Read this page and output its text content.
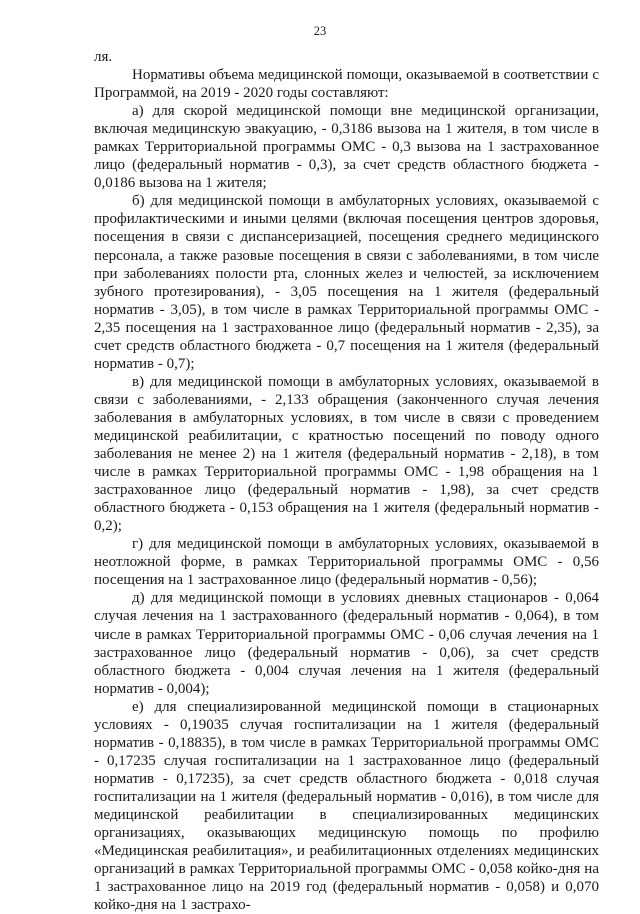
23

ля.

Нормативы объема медицинской помощи, оказываемой в соответствии с Программой, на 2019 - 2020 годы составляют:

а) для скорой медицинской помощи вне медицинской организации, включая медицинскую эвакуацию, - 0,3186 вызова на 1 жителя, в том числе в рамках Территориальной программы ОМС - 0,3 вызова на 1 застрахованное лицо (федеральный норматив - 0,3), за счет средств областного бюджета - 0,0186 вызова на 1 жителя;

б) для медицинской помощи в амбулаторных условиях, оказываемой с профилактическими и иными целями (включая посещения центров здоровья, посещения в связи с диспансеризацией, посещения среднего медицинского персонала, а также разовые посещения в связи с заболеваниями, в том числе при заболеваниях полости рта, слонных желез и челюстей, за исключением зубного протезирования), - 3,05 посещения на 1 жителя (федеральный норматив - 3,05), в том числе в рамках Территориальной программы ОМС - 2,35 посещения на 1 застрахованное лицо (федеральный норматив - 2,35), за счет средств областного бюджета - 0,7 посещения на 1 жителя (федеральный норматив - 0,7);

в) для медицинской помощи в амбулаторных условиях, оказываемой в связи с заболеваниями, - 2,133 обращения (законченного случая лечения заболевания в амбулаторных условиях, в том числе в связи с проведением медицинской реабилитации, с кратностью посещений по поводу одного заболевания не менее 2) на 1 жителя (федеральный норматив - 2,18), в том числе в рамках Территориальной программы ОМС - 1,98 обращения на 1 застрахованное лицо (федеральный норматив - 1,98), за счет средств областного бюджета - 0,153 обращения на 1 жителя (федеральный норматив - 0,2);

г) для медицинской помощи в амбулаторных условиях, оказываемой в неотложной форме, в рамках Территориальной программы ОМС - 0,56 посещения на 1 застрахованное лицо (федеральный норматив - 0,56);

д) для медицинской помощи в условиях дневных стационаров - 0,064 случая лечения на 1 застрахованного (федеральный норматив - 0,064), в том числе в рамках Территориальной программы ОМС - 0,06 случая лечения на 1 застрахованное лицо (федеральный норматив - 0,06), за счет средств областного бюджета - 0,004 случая лечения на 1 жителя (федеральный норматив - 0,004);

е) для специализированной медицинской помощи в стационарных условиях - 0,19035 случая госпитализации на 1 жителя (федеральный норматив - 0,18835), в том числе в рамках Территориальной программы ОМС - 0,17235 случая госпитализации на 1 застрахованное лицо (федеральный норматив - 0,17235), за счет средств областного бюджета - 0,018 случая госпитализации на 1 жителя (федеральный норматив - 0,016), в том числе для медицинской реабилитации в специализированных медицинских организациях, оказывающих медицинскую помощь по профилю «Медицинская реабилитация», и реабилитационных отделениях медицинских организаций в рамках Территориальной программы ОМС - 0,058 койко-дня на 1 застрахованное лицо на 2019 год (федеральный норматив - 0,058) и 0,070 койко-дня на 1 застрахо-
